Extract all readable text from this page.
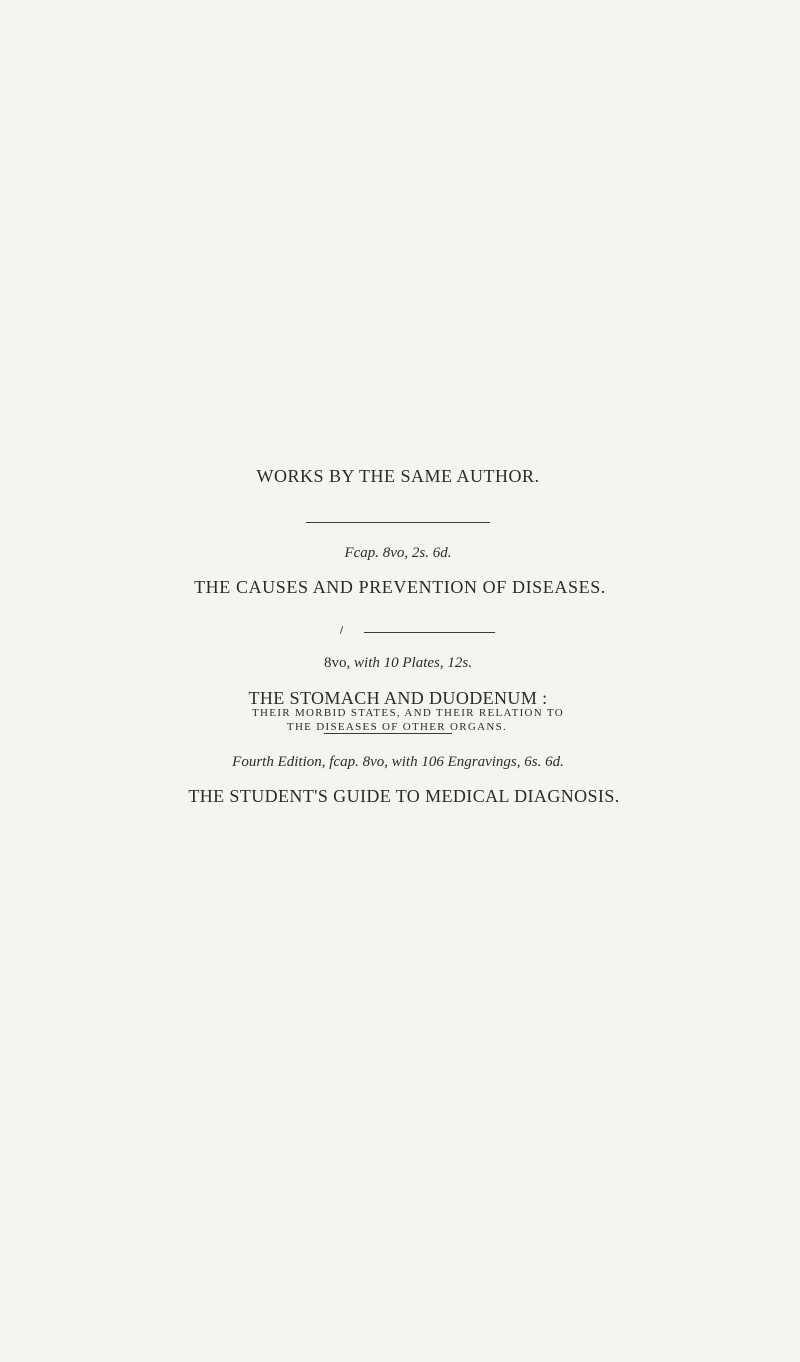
WORKS BY THE SAME AUTHOR.
Fcap. 8vo, 2s. 6d.
THE CAUSES AND PREVENTION OF DISEASES.
8vo, with 10 Plates, 12s.
THE STOMACH AND DUODENUM :
THEIR MORBID STATES, AND THEIR RELATION TO
THE DISEASES OF OTHER ORGANS.
Fourth Edition, fcap. 8vo, with 106 Engravings, 6s. 6d.
THE STUDENT'S GUIDE TO MEDICAL DIAGNOSIS.
